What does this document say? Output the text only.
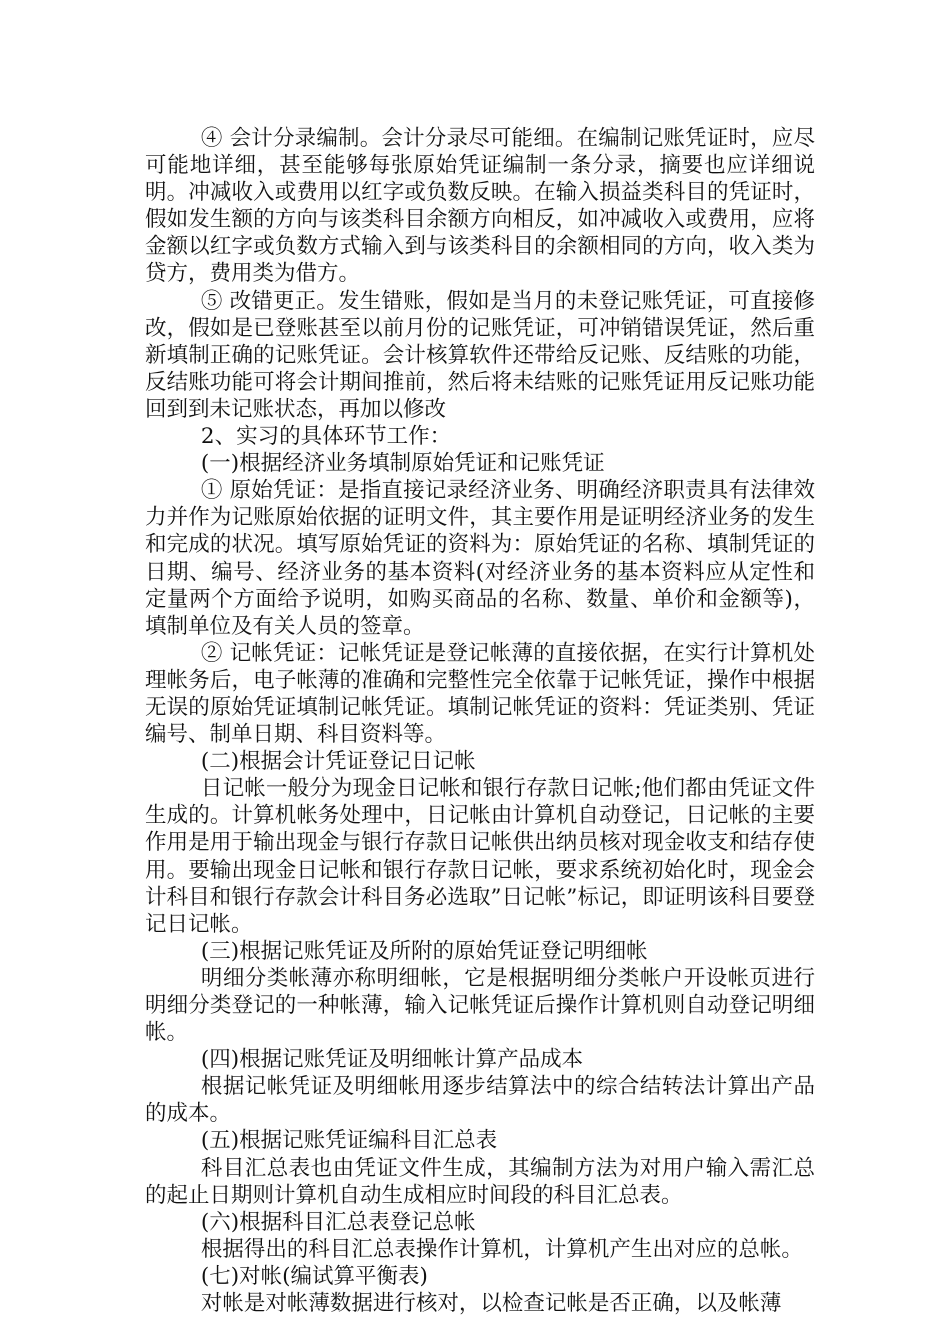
④ 会计分录编制。会计分录尽可能细。在编制记账凭证时，应尽可能地详细，甚至能够每张原始凭证编制一条分录，摘要也应详细说明。冲减收入或费用以红字或负数反映。在输入损益类科目的凭证时，假如发生额的方向与该类科目余额方向相反，如冲减收入或费用，应将金额以红字或负数方式输入到与该类科目的余额相同的方向，收入类为贷方，费用类为借方。

⑤ 改错更正。发生错账，假如是当月的未登记账凭证，可直接修改，假如是已登账甚至以前月份的记账凭证，可冲销错误凭证，然后重新填制正确的记账凭证。会计核算软件还带给反记账、反结账的功能，反结账功能可将会计期间推前，然后将未结账的记账凭证用反记账功能回到到未记账状态，再加以修改

2、实习的具体环节工作：

(一)根据经济业务填制原始凭证和记账凭证

① 原始凭证：是指直接记录经济业务、明确经济职责具有法律效力并作为记账原始依据的证明文件，其主要作用是证明经济业务的发生和完成的状况。填写原始凭证的资料为：原始凭证的名称、填制凭证的日期、编号、经济业务的基本资料(对经济业务的基本资料应从定性和定量两个方面给予说明，如购买商品的名称、数量、单价和金额等)，填制单位及有关人员的签章。

② 记帐凭证：记帐凭证是登记帐薄的直接依据，在实行计算机处理帐务后，电子帐薄的准确和完整性完全依靠于记帐凭证，操作中根据无误的原始凭证填制记帐凭证。填制记帐凭证的资料：凭证类别、凭证编号、制单日期、科目资料等。

(二)根据会计凭证登记日记帐

日记帐一般分为现金日记帐和银行存款日记帐;他们都由凭证文件生成的。计算机帐务处理中，日记帐由计算机自动登记，日记帐的主要作用是用于输出现金与银行存款日记帐供出纳员核对现金收支和结存使用。要输出现金日记帐和银行存款日记帐，要求系统初始化时，现金会计科目和银行存款会计科目务必选取”日记帐”标记，即证明该科目要登记日记帐。

(三)根据记账凭证及所附的原始凭证登记明细帐

明细分类帐薄亦称明细帐，它是根据明细分类帐户开设帐页进行明细分类登记的一种帐薄，输入记帐凭证后操作计算机则自动登记明细帐。

(四)根据记账凭证及明细帐计算产品成本

根据记帐凭证及明细帐用逐步结算法中的综合结转法计算出产品的成本。

(五)根据记账凭证编科目汇总表

科目汇总表也由凭证文件生成，其编制方法为对用户输入需汇总的起止日期则计算机自动生成相应时间段的科目汇总表。

(六)根据科目汇总表登记总帐

根据得出的科目汇总表操作计算机，计算机产生出对应的总帐。

(七)对帐(编试算平衡表)

对帐是对帐薄数据进行核对，以检查记帐是否正确，以及帐薄
